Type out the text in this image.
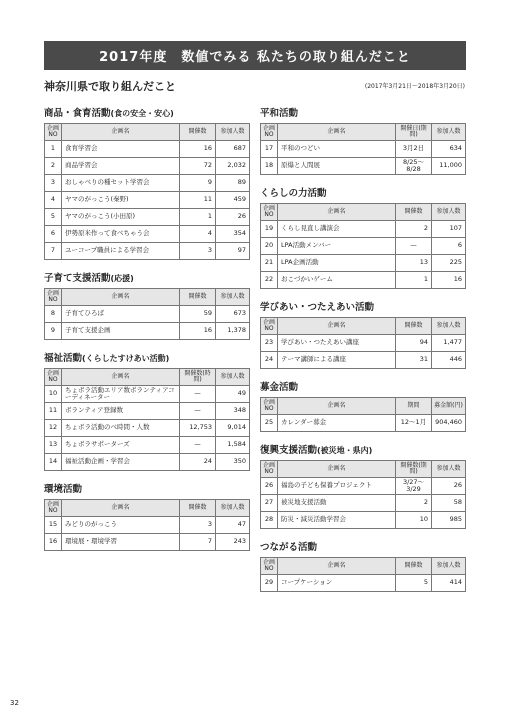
2017年度　数値でみる 私たちの取り組んだこと
神奈川県で取り組んだこと	(2017年3月21日～2018年3月20日)
商品・食育活動(食の安全・安心)
企画NO	企画名	開催数	参加人数
1	食育学習会	16	687
2	商品学習会	72	2,032
3	おしゃべりの種セット学習会	9	89
4	ヤマのがっこう(秦野)	11	459
5	ヤマのがっこう(小田原)	1	26
6	伊勢原米作って食べちゃう会	4	354
7	ユーコープ職員による学習会	3	97
子育て支援活動(応援)
企画NO	企画名	開催数	参加人数
8	子育てひろば	59	673
9	子育て支援企画	16	1,378
福祉活動(くらしたすけあい活動)
企画NO	企画名	開催数(時間)	参加人数
10	ちょボラ活動エリア数ボランティアコーディネーター	—	49
11	ボランティア登録数	—	348
12	ちょボラ活動のべ時間・人数	12,753	9,014
13	ちょボラサポーターズ	—	1,584
14	福祉活動企画・学習会	24	350
環境活動
企画NO	企画名	開催数	参加人数
15	みどりのがっこう	3	47
16	環境展・環境学習	7	243
平和活動
企画NO	企画名	開催日(期間)	参加人数
17	平和のつどい	3月2日	634
18	原爆と人間展	8/25〜8/28	11,000
くらしの力活動
企画NO	企画名	開催数	参加人数
19	くらし見直し講演会	2	107
20	LPA活動メンバー	—	6
21	LPA企画活動	13	225
22	おこづかいゲーム	1	16
学びあい・つたえあい活動
企画NO	企画名	開催数	参加人数
23	学びあい・つたえあい講座	94	1,477
24	テーマ講師による講座	31	446
募金活動
企画NO	企画名	期間	募金額(円)
25	カレンダー募金	12〜1月	904,460
復興支援活動(被災地・県内)
企画NO	企画名	開催数(期間)	参加人数
26	福島の子ども保養プロジェクト	3/27〜3/29	26
27	被災地支援活動	2	58
28	防災・減災活動学習会	10	985
つながる活動
企画NO	企画名	開催数	参加人数
29	コープケーション	5	414
32
